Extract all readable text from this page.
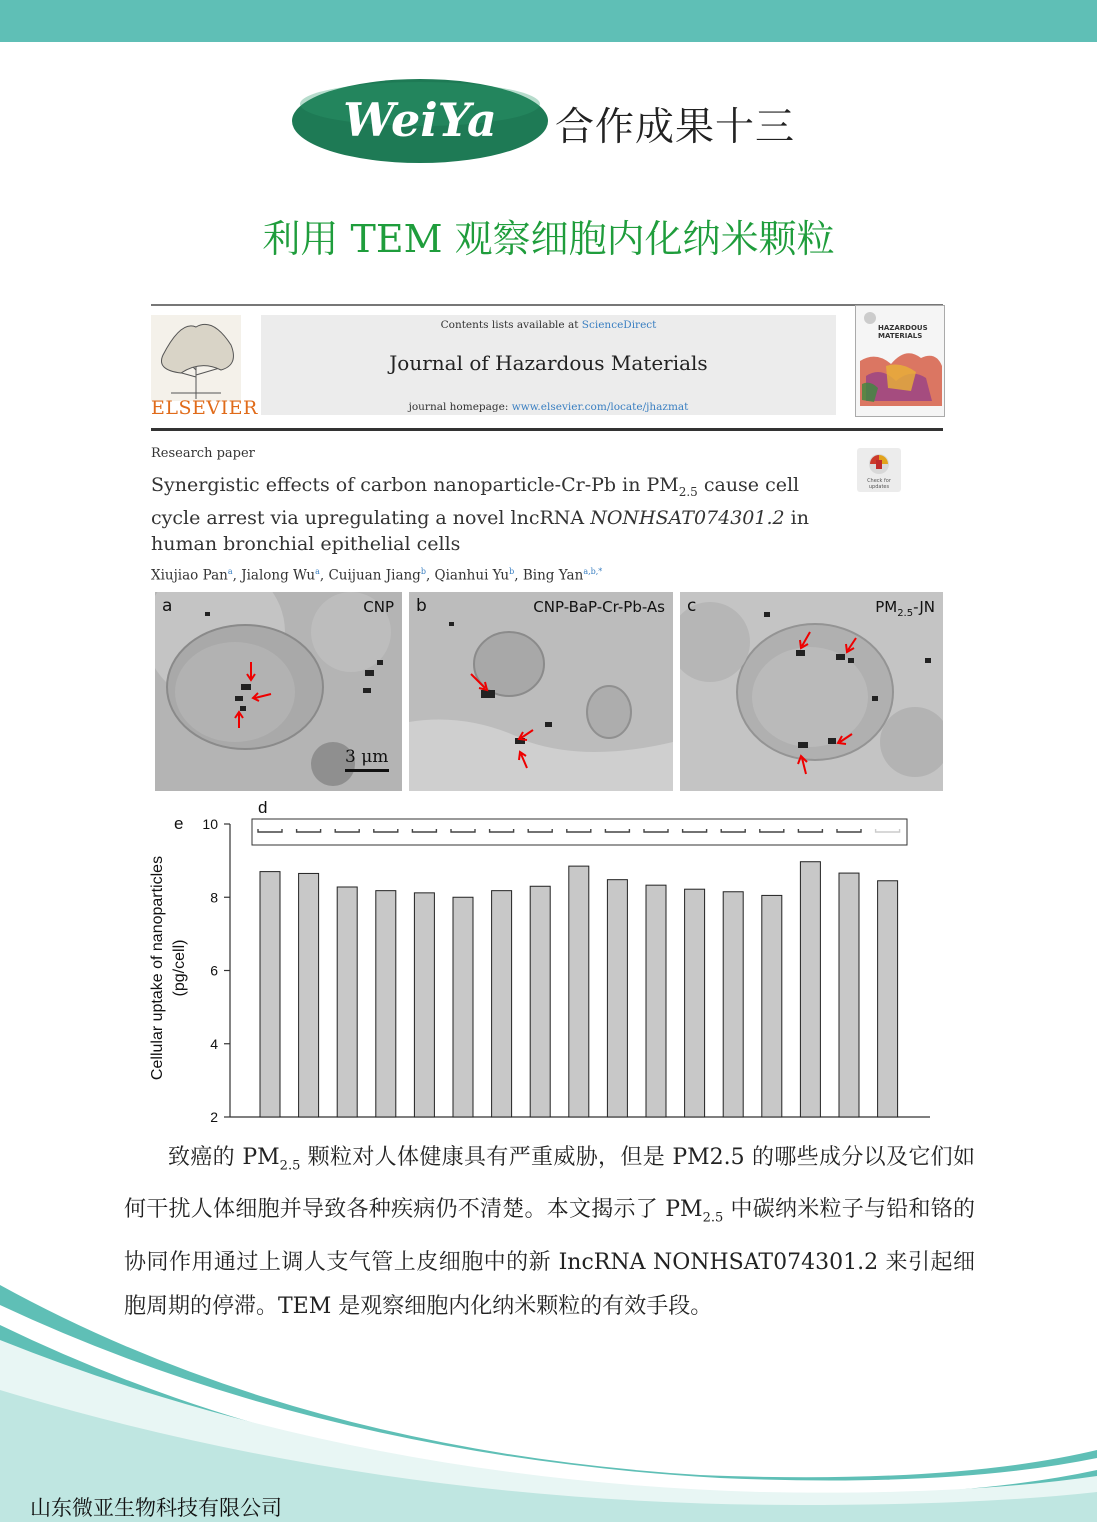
WeiYa 合作成果十三
利用 TEM 观察细胞内化纳米颗粒
ELSEVIER
Contents lists available at ScienceDirect
Journal of Hazardous Materials
journal homepage: www.elsevier.com/locate/jhazmat
HAZARDOUS
MATERIALS
Research paper
Check for updates
Synergistic effects of carbon nanoparticle-Cr-Pb in $PM_{2.5}$ cause cell cycle arrest via upregulating a novel lncRNA NONHSAT074301.2 in human bronchial epithelial cells
Xiujiao Pan$^a$, Jialong Wu$^a$, Cuijuan Jiang$^b$, Qianhui Yu$^b$, Bing Yan$^{a,b,*}$
a	CNP
3 μm
b	CNP-BaP-Cr-Pb-As c	$PM_{2.5}-JN$
d
e
Cellular uptake of nanoparticles (pg/cell)
2
4
6
8
10

致癌的 $PM_{2.5}$ 颗粒对人体健康具有严重威胁，但是 PM2.5 的哪些成分以及它们如何干扰人体细胞并导致各种疾病仍不清楚。本文揭示了 $PM_{2.5}$ 中碳纳米粒子与铅和铬的协同作用通过上调人支气管上皮细胞中的新 IncRNA NONHSAT074301.2 来引起细胞周期的停滞。TEM 是观察细胞内化纳米颗粒的有效手段。

山东微亚生物科技有限公司
